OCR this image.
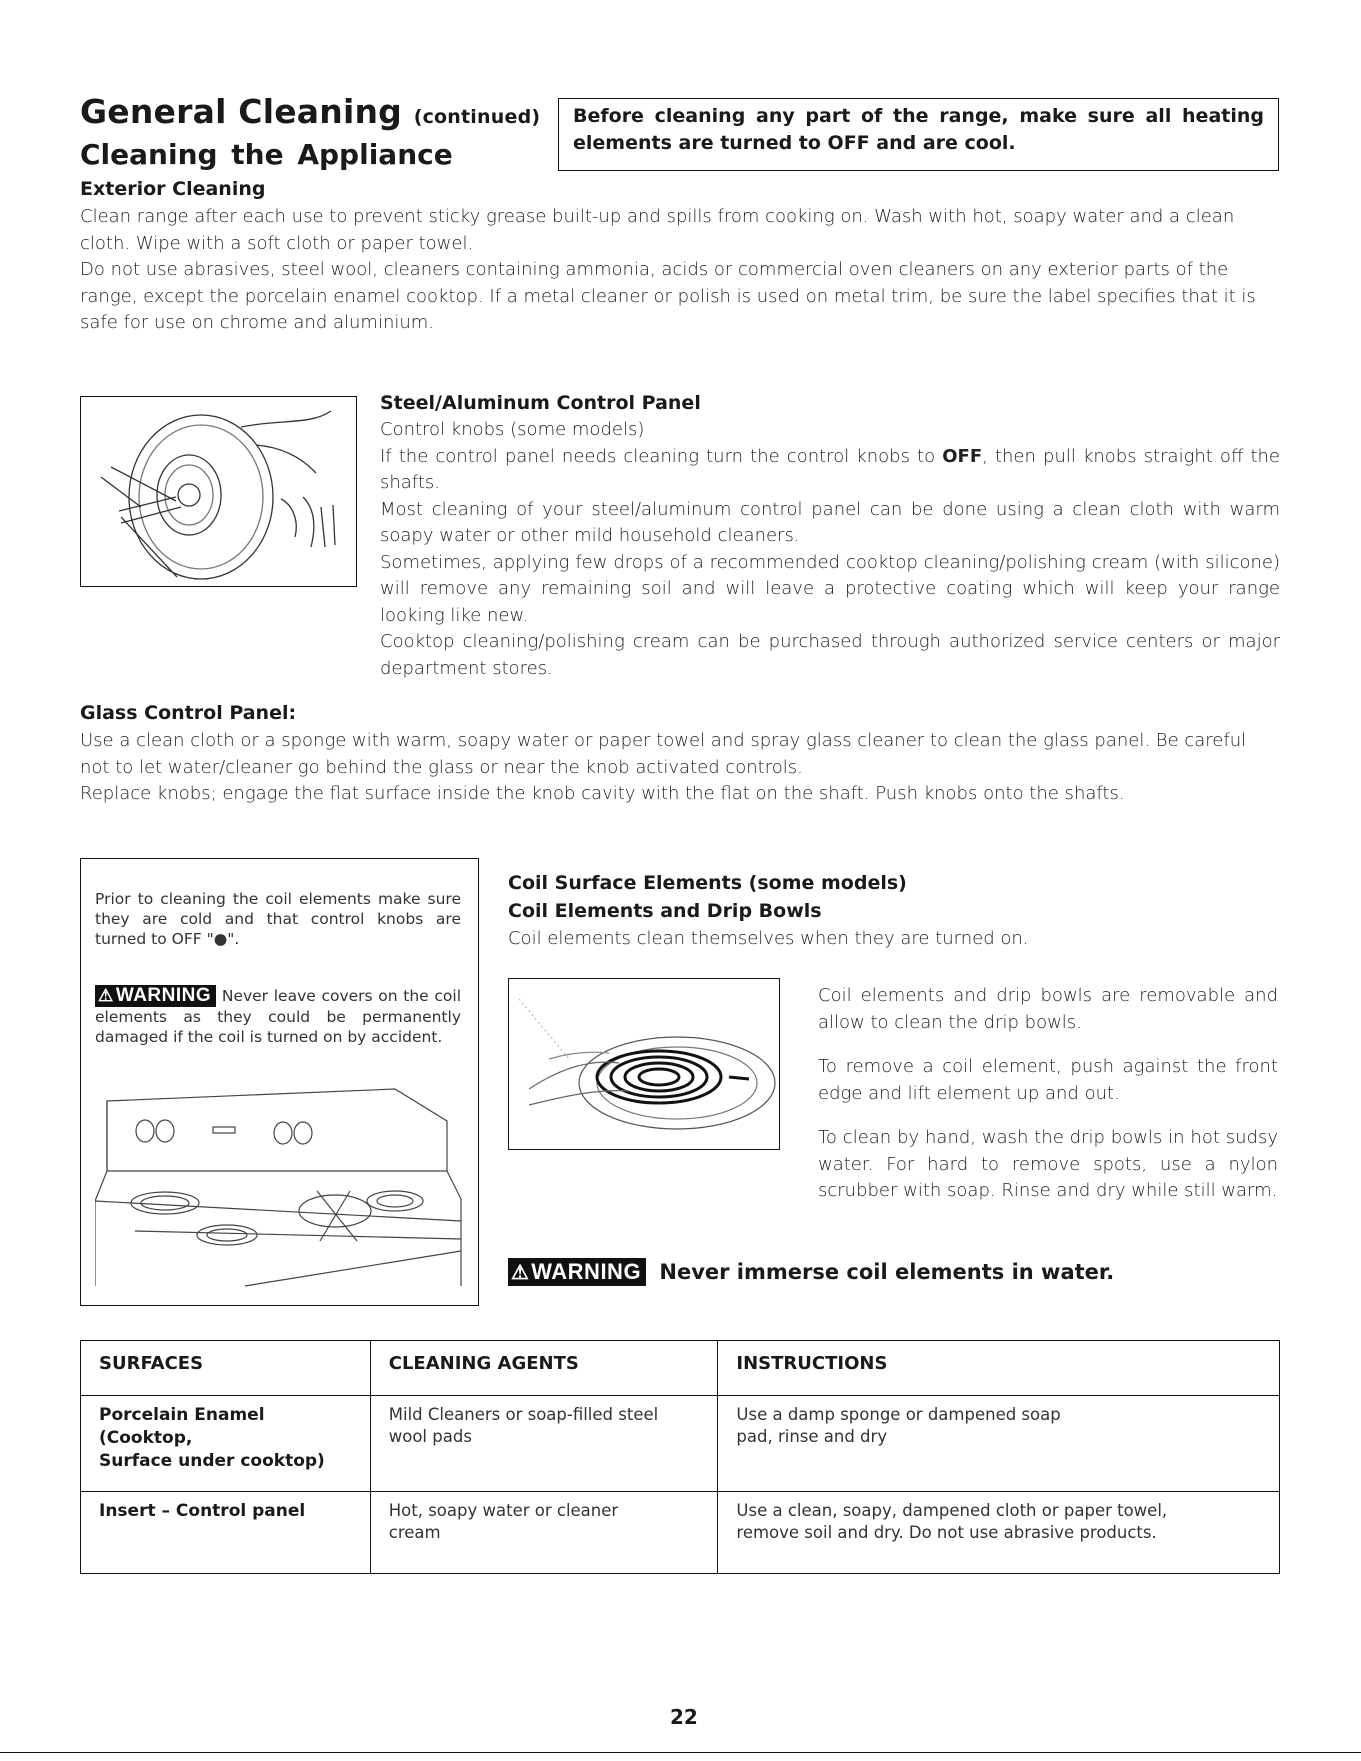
General Cleaning (continued)
Cleaning the Appliance
Before cleaning any part of the range, make sure all heating elements are turned to OFF and are cool.
Exterior Cleaning

Clean range after each use to prevent sticky grease built-up and spills from cooking on. Wash with hot, soapy water and a clean cloth. Wipe with a soft cloth or paper towel.

Do not use abrasives, steel wool, cleaners containing ammonia, acids or commercial oven cleaners on any exterior parts of the range, except the porcelain enamel cooktop. If a metal cleaner or polish is used on metal trim, be sure the label specifies that it is safe for use on chrome and aluminium.

Steel/Aluminum Control Panel

Control knobs (some models)

If the control panel needs cleaning turn the control knobs to OFF, then pull knobs straight off the shafts.

Most cleaning of your steel/aluminum control panel can be done using a clean cloth with warm soapy water or other mild household cleaners.

Sometimes, applying few drops of a recommended cooktop cleaning/polishing cream (with silicone) will remove any remaining soil and will leave a protective coating which will keep your range looking like new.

Cooktop cleaning/polishing cream can be purchased through authorized service centers or major department stores.

Glass Control Panel:

Use a clean cloth or a sponge with warm, soapy water or paper towel and spray glass cleaner to clean the glass panel. Be careful not to let water/cleaner go behind the glass or near the knob activated controls.

Replace knobs; engage the flat surface inside the knob cavity with the flat on the shaft. Push knobs onto the shafts.

Prior to cleaning the coil elements make sure they are cold and that control knobs are turned to OFF "●".
⚠ WARNING Never leave covers on the coil elements as they could be permanently damaged if the coil is turned on by accident.
Coil Surface Elements (some models)
Coil Elements and Drip Bowls
Coil elements clean themselves when they are turned on.

Coil elements and drip bowls are removable and allow to clean the drip bowls.

To remove a coil element, push against the front edge and lift element up and out.

To clean by hand, wash the drip bowls in hot sudsy water. For hard to remove spots, use a nylon scrubber with soap. Rinse and dry while still warm.

⚠WARNING Never immerse coil elements in water.
SURFACES	CLEANING AGENTS	INSTRUCTIONS

Porcelain Enamel
(Cooktop,
Surface under cooktop)	Mild Cleaners or soap-filled steel wool pads	Use a damp sponge or dampened soap pad, rinse and dry

Insert – Control panel	Hot, soapy water or cleaner cream	Use a clean, soapy, dampened cloth or paper towel, remove soil and dry. Do not use abrasive products.
22
